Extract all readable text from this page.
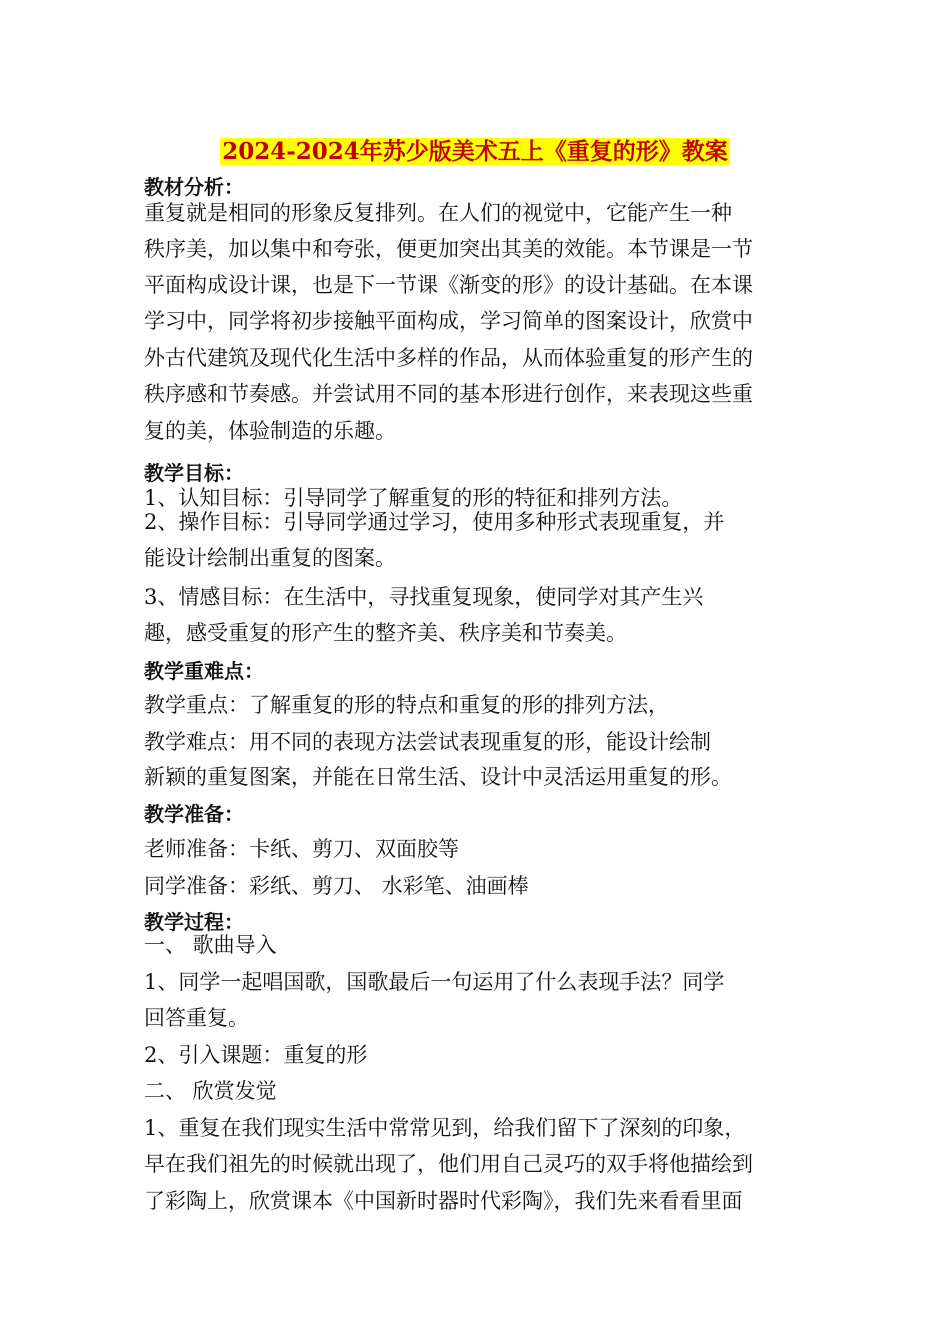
2024-2024年苏少版美术五上《重复的形》教案
教材分析：
重复就是相同的形象反复排列。在人们的视觉中，它能产生一种
秩序美，加以集中和夸张，便更加突出其美的效能。本节课是一节
平面构成设计课，也是下一节课《渐变的形》的设计基础。在本课
学习中，同学将初步接触平面构成，学习简单的图案设计，欣赏中
外古代建筑及现代化生活中多样的作品，从而体验重复的形产生的
秩序感和节奏感。并尝试用不同的基本形进行创作，来表现这些重
复的美，体验制造的乐趣。
教学目标：
1、认知目标：引导同学了解重复的形的特征和排列方法。
2、操作目标：引导同学通过学习，使用多种形式表现重复，并
能设计绘制出重复的图案。
3、情感目标：在生活中，寻找重复现象，使同学对其产生兴
趣，感受重复的形产生的整齐美、秩序美和节奏美。
教学重难点：
教学重点：了解重复的形的特点和重复的形的排列方法，
教学难点：用不同的表现方法尝试表现重复的形，能设计绘制
新颖的重复图案，并能在日常生活、设计中灵活运用重复的形。
教学准备：
老师准备：卡纸、剪刀、双面胶等
同学准备：彩纸、剪刀、 水彩笔、油画棒
教学过程：
一、 歌曲导入
1、同学一起唱国歌，国歌最后一句运用了什么表现手法？同学
回答重复。
2、引入课题：重复的形
二、 欣赏发觉
1、重复在我们现实生活中常常见到，给我们留下了深刻的印象，
早在我们祖先的时候就出现了，他们用自己灵巧的双手将他描绘到
了彩陶上，欣赏课本《中国新时器时代彩陶》，我们先来看看里面
